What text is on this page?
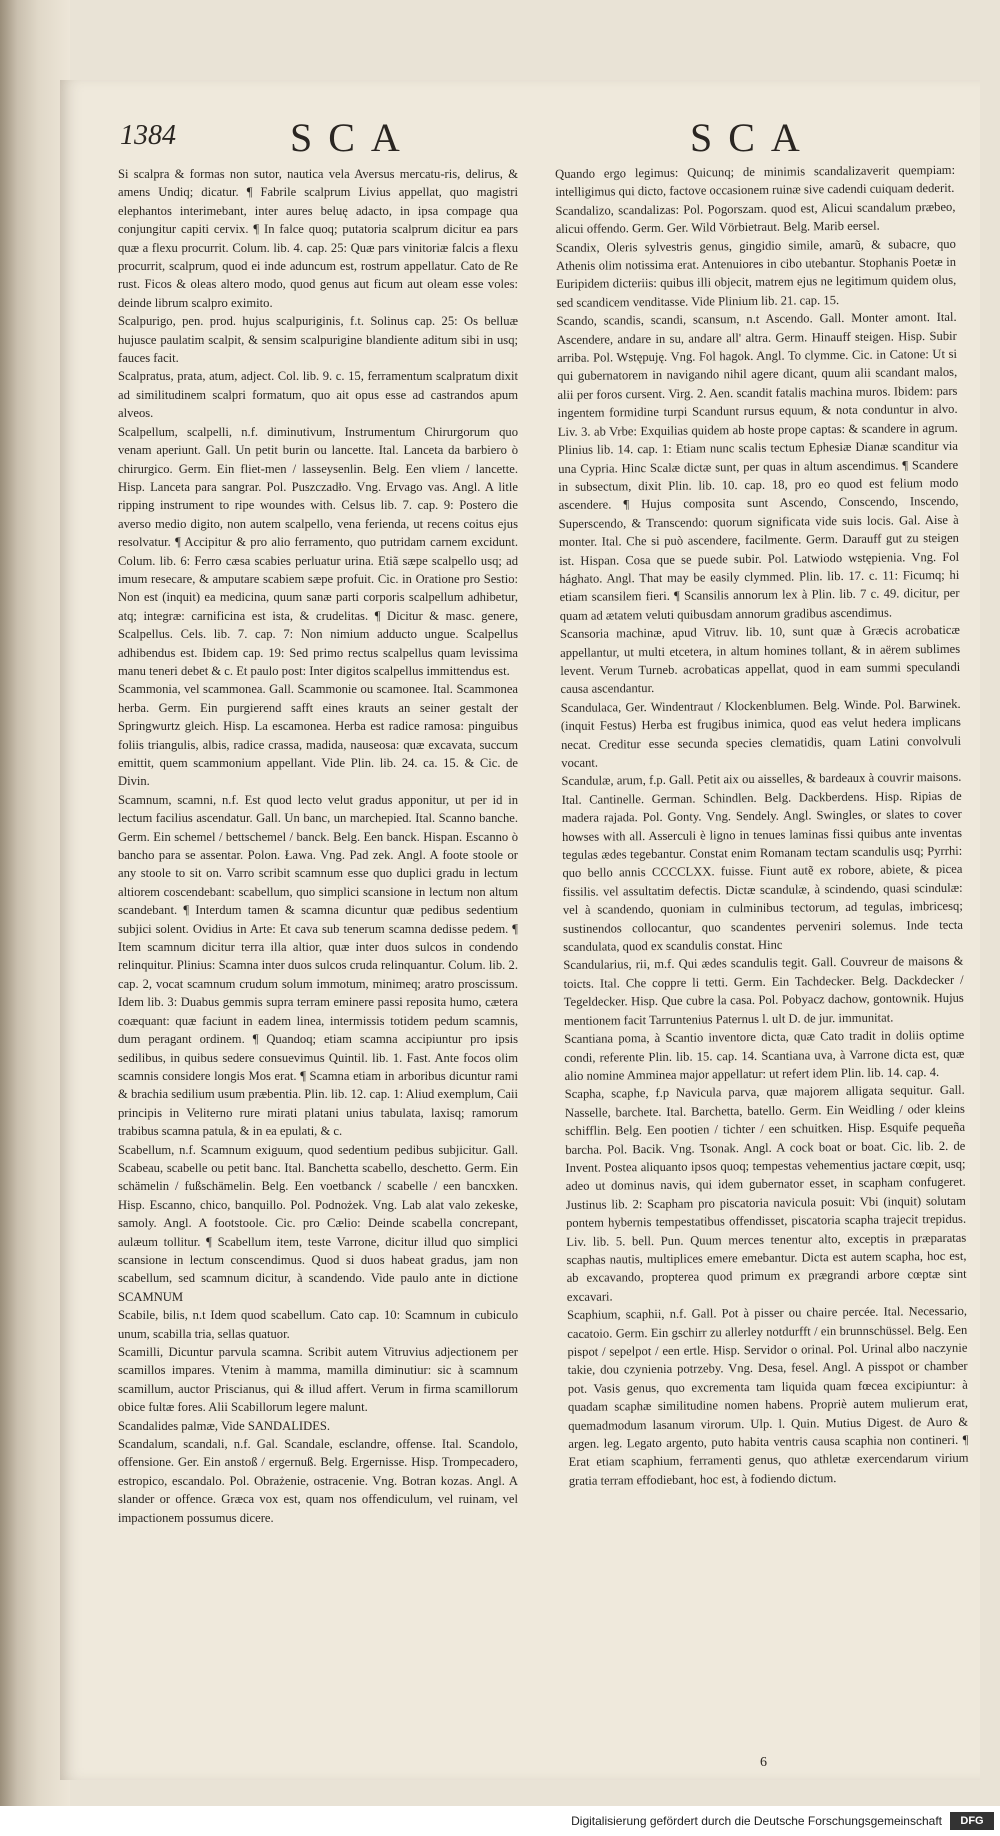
1384	SCA	SCA

Si scalpra & formas non sutor, nautica vela Aversus mercatu-ris, delirus, & amens Undiq; dicatur. ¶ Fabrile scalprum Livius appellat, quo magistri elephantos interimebant, inter aures beluę adacto, in ipsa compage qua conjungitur capiti cervix. ¶ In falce quoq; putatoria scalprum dicitur ea pars quæ a flexu procurrit. Colum. lib. 4. cap. 25: Quæ pars vinitoriæ falcis a flexu procurrit, scalprum, quod ei inde aduncum est, rostrum appellatur. Cato de Re rust. Ficos & oleas altero modo, quod genus aut ficum aut oleam esse voles: deinde librum scalpro eximito.

Scalpurigo, pen. prod. hujus scalpuriginis, f.t. Solinus cap. 25: Os belluæ hujusce paulatim scalpit, & sensim scalpurigine blandiente aditum sibi in usq; fauces facit.

Scalpratus, prata, atum, adject. Col. lib. 9. c. 15, ferramentum scalpratum dixit ad similitudinem scalpri formatum, quo ait opus esse ad castrandos apum alveos.

Scalpellum, scalpelli, n.f. diminutivum, Instrumentum Chirurgorum quo venam aperiunt. Gall. Un petit burin ou lancette. Ital. Lanceta da barbiero ò chirurgico. Germ. Ein fliet-men / lasseysenlin. Belg. Een vliem / lancette. Hisp. Lanceta para sangrar. Pol. Puszczadło. Vng. Ervago vas. Angl. A litle ripping instrument to ripe woundes with. Celsus lib. 7. cap. 9: Postero die averso medio digito, non autem scalpello, vena ferienda, ut recens coitus ejus resolvatur. ¶ Accipitur & pro alio ferramento, quo putridam carnem excidunt. Colum. lib. 6: Ferro cæsa scabies perluatur urina. Etiã sæpe scalpello usq; ad imum resecare, & amputare scabiem sæpe profuit. Cic. in Oratione pro Sestio: Non est (inquit) ea medicina, quum sanæ parti corporis scalpellum adhibetur, atq; integræ: carnificina est ista, & crudelitas. ¶ Dicitur & masc. genere, Scalpellus. Cels. lib. 7. cap. 7: Non nimium adducto ungue. Scalpellus adhibendus est. Ibidem cap. 19: Sed primo rectus scalpellus quam levissima manu teneri debet & c. Et paulo post: Inter digitos scalpellus immittendus est.

Scammonia, vel scammonea. Gall. Scammonie ou scamonee. Ital. Scammonea herba. Germ. Ein purgierend safft eines krauts an seiner gestalt der Springwurtz gleich. Hisp. La escamonea. Herba est radice ramosa: pinguibus foliis triangulis, albis, radice crassa, madida, nauseosa: quæ excavata, succum emittit, quem scammonium appellant. Vide Plin. lib. 24. ca. 15. & Cic. de Divin.

Scamnum, scamni, n.f. Est quod lecto velut gradus apponitur, ut per id in lectum facilius ascendatur. Gall. Un banc, un marchepied. Ital. Scanno banche. Germ. Ein schemel / bettschemel / banck. Belg. Een banck. Hispan. Escanno ò bancho para se assentar. Polon. Ława. Vng. Pad zek. Angl. A foote stoole or any stoole to sit on. Varro scribit scamnum esse quo duplici gradu in lectum altiorem coscendebant: scabellum, quo simplici scansione in lectum non altum scandebant. ¶ Interdum tamen & scamna dicuntur quæ pedibus sedentium subjici solent. Ovidius in Arte: Et cava sub tenerum scamna dedisse pedem. ¶ Item scamnum dicitur terra illa altior, quæ inter duos sulcos in condendo relinquitur. Plinius: Scamna inter duos sulcos cruda relinquantur. Colum. lib. 2. cap. 2, vocat scamnum crudum solum immotum, minimeq; aratro proscissum. Idem lib. 3: Duabus gemmis supra terram eminere passi reposita humo, cætera coæquant: quæ faciunt in eadem linea, intermissis totidem pedum scamnis, dum peragant ordinem. ¶ Quandoq; etiam scamna accipiuntur pro ipsis sedilibus, in quibus sedere consuevimus Quintil. lib. 1. Fast. Ante focos olim scamnis considere longis Mos erat. ¶ Scamna etiam in arboribus dicuntur rami & brachia sedilium usum præbentia. Plin. lib. 12. cap. 1: Aliud exemplum, Caii principis in Veliterno rure mirati platani unius tabulata, laxisq; ramorum trabibus scamna patula, & in ea epulati, & c.

Scabellum, n.f. Scamnum exiguum, quod sedentium pedibus subjicitur. Gall. Scabeau, scabelle ou petit banc. Ital. Banchetta scabello, deschetto. Germ. Ein schämelin / fußschämelin. Belg. Een voetbanck / scabelle / een bancxken. Hisp. Escanno, chico, banquillo. Pol. Podnożek. Vng. Lab alat valo zekeske, samoly. Angl. A footstoole. Cic. pro Cælio: Deinde scabella concrepant, aulæum tollitur. ¶ Scabellum item, teste Varrone, dicitur illud quo simplici scansione in lectum conscendimus. Quod si duos habeat gradus, jam non scabellum, sed scamnum dicitur, à scandendo. Vide paulo ante in dictione SCAMNUM

Scabile, bilis, n.t Idem quod scabellum. Cato cap. 10: Scamnum in cubiculo unum, scabilla tria, sellas quatuor.

Scamilli, Dicuntur parvula scamna. Scribit autem Vitruvius adjectionem per scamillos impares. Vtenim à mamma, mamilla diminutiur: sic à scamnum scamillum, auctor Priscianus, qui & illud affert. Verum in firma scamillorum obice fultæ fores. Alii Scabillorum legere malunt.

Scandalides palmæ, Vide SANDALIDES.

Scandalum, scandali, n.f. Gal. Scandale, esclandre, offense. Ital. Scandolo, offensione. Ger. Ein anstoß / ergernuß. Belg. Ergernisse. Hisp. Trompecadero, estropico, escandalo. Pol. Obrażenie, ostracenie. Vng. Botran kozas. Angl. A slander or offence. Græca vox est, quam nos offendiculum, vel ruinam, vel impactionem possumus dicere.

Quando ergo legimus: Quicunq; de minimis scandalizaverit quempiam: intelligimus qui dicto, factove occasionem ruinæ sive cadendi cuiquam dederit.

Scandalizo, scandalizas: Pol. Pogorszam. quod est, Alicui scandalum præbeo, alicui offendo. Germ. Ger. Wild Vörbietraut. Belg. Marib eersel.

Scandix, Oleris sylvestris genus, gingidio simile, amarũ, & subacre, quo Athenis olim notissima erat. Antenuiores in cibo utebantur. Stophanis Poetæ in Euripidem dicteriis: quibus illi objecit, matrem ejus ne legitimum quidem olus, sed scandicem venditasse. Vide Plinium lib. 21. cap. 15.

Scando, scandis, scandi, scansum, n.t Ascendo. Gall. Monter amont. Ital. Ascendere, andare in su, andare all' altra. Germ. Hinauff steigen. Hisp. Subir arriba. Pol. Wstępuję. Vng. Fol hagok. Angl. To clymme. Cic. in Catone: Ut si qui gubernatorem in navigando nihil agere dicant, quum alii scandant malos, alii per foros cursent. Virg. 2. Aen. scandit fatalis machina muros. Ibidem: pars ingentem formidine turpi Scandunt rursus equum, & nota conduntur in alvo. Liv. 3. ab Vrbe: Exquilias quidem ab hoste prope captas: & scandere in agrum. Plinius lib. 14. cap. 1: Etiam nunc scalis tectum Ephesiæ Dianæ scanditur via una Cypria. Hinc Scalæ dictæ sunt, per quas in altum ascendimus. ¶ Scandere in subsectum, dixit Plin. lib. 10. cap. 18, pro eo quod est felium modo ascendere. ¶ Hujus composita sunt Ascendo, Conscendo, Inscendo, Superscendo, & Transcendo: quorum significata vide suis locis. Gal. Aise à monter. Ital. Che si può ascendere, facilmente. Germ. Darauff gut zu steigen ist. Hispan. Cosa que se puede subir. Pol. Latwiodo wstępienia. Vng. Fol hághato. Angl. That may be easily clymmed. Plin. lib. 17. c. 11: Ficumq; hi etiam scansilem fieri. ¶ Scansilis annorum lex à Plin. lib. 7 c. 49. dicitur, per quam ad ætatem veluti quibusdam annorum gradibus ascendimus.

Scansoria machinæ, apud Vitruv. lib. 10, sunt quæ à Græcis acrobaticæ appellantur, ut multi etcetera, in altum homines tollant, & in aërem sublimes levent. Verum Turneb. acrobaticas appellat, quod in eam summi speculandi causa ascendantur.

Scandulaca, Ger. Windentraut / Klockenblumen. Belg. Winde. Pol. Barwinek. (inquit Festus) Herba est frugibus inimica, quod eas velut hedera implicans necat. Creditur esse secunda species clematidis, quam Latini convolvuli vocant.

Scandulæ, arum, f.p. Gall. Petit aix ou aisselles, & bardeaux à couvrir maisons. Ital. Cantinelle. German. Schindlen. Belg. Dackberdens. Hisp. Ripias de madera rajada. Pol. Gonty. Vng. Sendely. Angl. Swingles, or slates to cover howses with all. Asserculi è ligno in tenues laminas fissi quibus ante inventas tegulas ædes tegebantur. Constat enim Romanam tectam scandulis usq; Pyrrhi: quo bello annis CCCCLXX. fuisse. Fiunt autẽ ex robore, abiete, & picea fissilis. vel assultatim defectis. Dictæ scandulæ, à scindendo, quasi scindulæ: vel à scandendo, quoniam in culminibus tectorum, ad tegulas, imbricesq; sustinendos collocantur, quo scandentes perveniri solemus. Inde tecta scandulata, quod ex scandulis constat. Hinc

Scandularius, rii, m.f. Qui ædes scandulis tegit. Gall. Couvreur de maisons & toicts. Ital. Che coppre li tetti. Germ. Ein Tachdecker. Belg. Dackdecker / Tegeldecker. Hisp. Que cubre la casa. Pol. Pobyacz dachow, gontownik. Hujus mentionem facit Tarruntenius Paternus l. ult D. de jur. immunitat.

Scantiana poma, à Scantio inventore dicta, quæ Cato tradit in doliis optime condi, referente Plin. lib. 15. cap. 14. Scantiana uva, à Varrone dicta est, quæ alio nomine Amminea major appellatur: ut refert idem Plin. lib. 14. cap. 4.

Scapha, scaphe, f.p Navicula parva, quæ majorem alligata sequitur. Gall. Nasselle, barchete. Ital. Barchetta, batello. Germ. Ein Weidling / oder kleins schifflin. Belg. Een pootien / tichter / een schuitken. Hisp. Esquife pequeña barcha. Pol. Bacik. Vng. Tsonak. Angl. A cock boat or boat. Cic. lib. 2. de Invent. Postea aliquanto ipsos quoq; tempestas vehementius jactare cœpit, usq; adeo ut dominus navis, qui idem gubernator esset, in scapham confugeret. Justinus lib. 2: Scapham pro piscatoria navicula posuit: Vbi (inquit) solutam pontem hybernis tempestatibus offendisset, piscatoria scapha trajecit trepidus. Liv. lib. 5. bell. Pun. Quum merces tenentur alto, exceptis in præparatas scaphas nautis, multiplices emere emebantur. Dicta est autem scapha, hoc est, ab excavando, propterea quod primum ex prægrandi arbore cœptæ sint excavari.

Scaphium, scaphii, n.f. Gall. Pot à pisser ou chaire percée. Ital. Necessario, cacatoio. Germ. Ein gschirr zu allerley notdurfft / ein brunnschüssel. Belg. Een pispot / sepelpot / een ertle. Hisp. Servidor o orinal. Pol. Urinal albo naczynie takie, dou czynienia potrzeby. Vng. Desa, fesel. Angl. A pisspot or chamber pot. Vasis genus, quo excrementa tam liquida quam fœcea excipiuntur: à quadam scaphæ similitudine nomen habens. Propriè autem mulierum erat, quemadmodum lasanum virorum. Ulp. l. Quin. Mutius Digest. de Auro & argen. leg. Legato argento, puto habita ventris causa scaphia non contineri. ¶ Erat etiam scaphium, ferramenti genus, quo athletæ exercendarum virium gratia terram effodiebant, hoc est, à fodiendo dictum.

6
Digitalisierung gefördert durch die Deutsche Forschungsgemeinschaft	DFG
